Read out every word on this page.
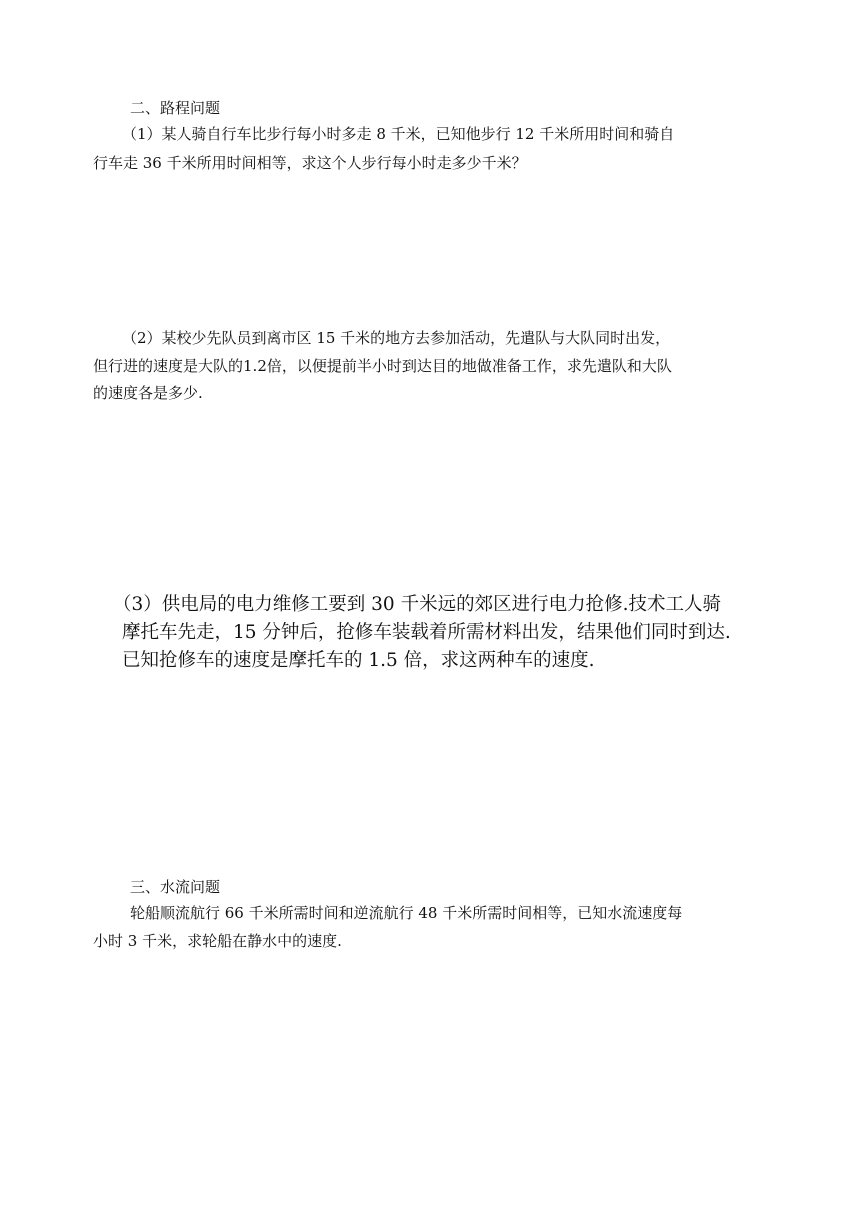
二、路程问题
（1）某人骑自行车比步行每小时多走 8 千米，已知他步行 12 千米所用时间和骑自
行车走 36 千米所用时间相等，求这个人步行每小时走多少千米？
（2）某校少先队员到离市区 15 千米的地方去参加活动，先遣队与大队同时出发，
但行进的速度是大队的1.2倍，以便提前半小时到达目的地做准备工作，求先遣队和大队
的速度各是多少.
（3）供电局的电力维修工要到 30 千米远的郊区进行电力抢修.技术工人骑
摩托车先走，15 分钟后，抢修车装载着所需材料出发，结果他们同时到达.
已知抢修车的速度是摩托车的 1.5 倍，求这两种车的速度.
三、水流问题
轮船顺流航行 66 千米所需时间和逆流航行 48 千米所需时间相等，已知水流速度每
小时 3 千米，求轮船在静水中的速度.
